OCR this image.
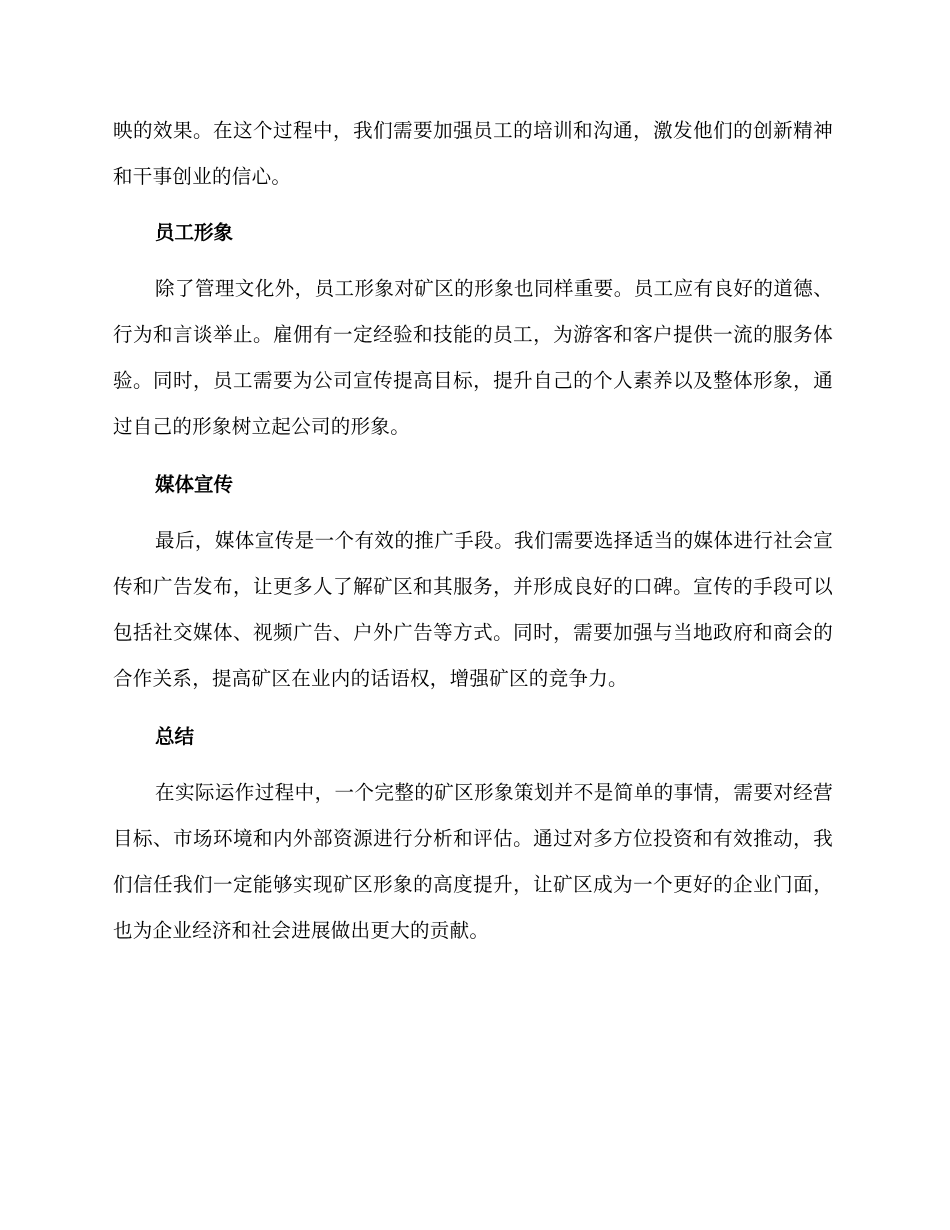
映的效果。在这个过程中，我们需要加强员工的培训和沟通，激发他们的创新精神和干事创业的信心。

员工形象

除了管理文化外，员工形象对矿区的形象也同样重要。员工应有良好的道德、行为和言谈举止。雇佣有一定经验和技能的员工，为游客和客户提供一流的服务体验。同时，员工需要为公司宣传提高目标，提升自己的个人素养以及整体形象，通过自己的形象树立起公司的形象。

媒体宣传

最后，媒体宣传是一个有效的推广手段。我们需要选择适当的媒体进行社会宣传和广告发布，让更多人了解矿区和其服务，并形成良好的口碑。宣传的手段可以包括社交媒体、视频广告、户外广告等方式。同时，需要加强与当地政府和商会的合作关系，提高矿区在业内的话语权，增强矿区的竞争力。

总结

在实际运作过程中，一个完整的矿区形象策划并不是简单的事情，需要对经营目标、市场环境和内外部资源进行分析和评估。通过对多方位投资和有效推动，我们信任我们一定能够实现矿区形象的高度提升，让矿区成为一个更好的企业门面，也为企业经济和社会进展做出更大的贡献。
